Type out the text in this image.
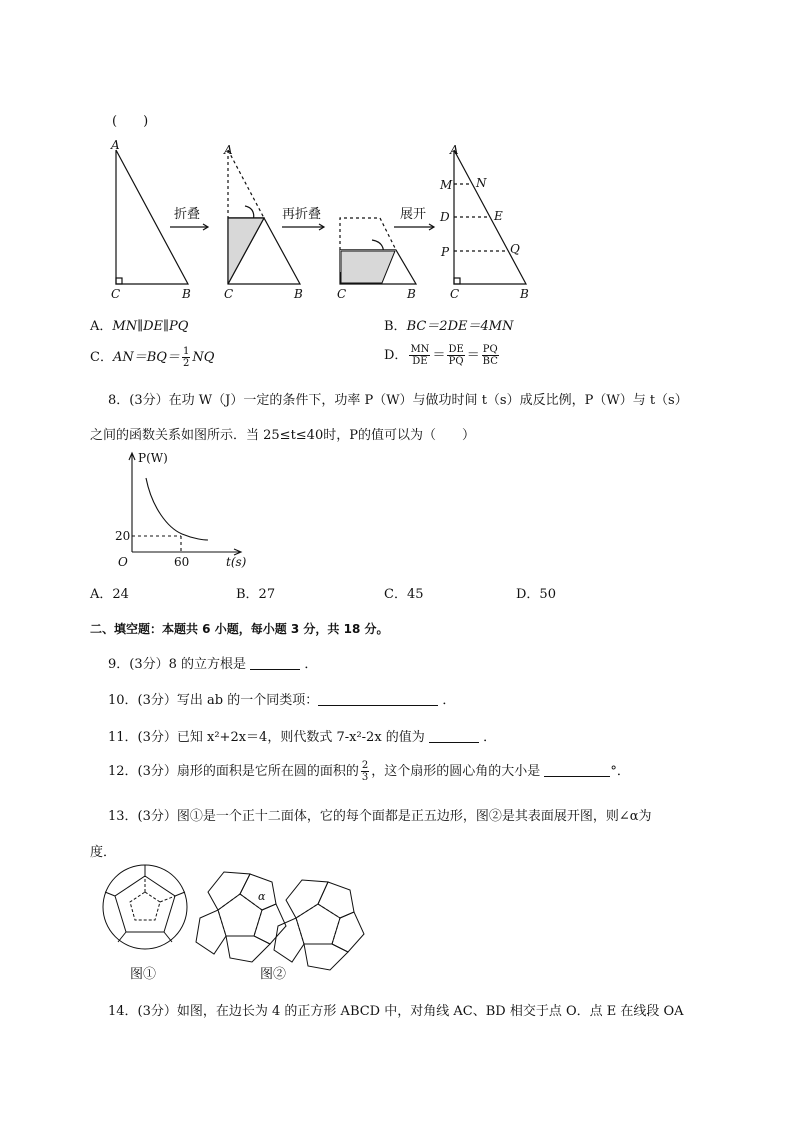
(　　)
A
C	B
A
C	B	C	B
A
M N
D	E
P	Q
C	B
折叠	再折叠	展开
A．MN∥DE∥PQ	B．BC＝2DE＝4MN
C．$AN=BQ= \frac{1}{2}$ NQ	D． $\frac{MN}{DE} = \frac{DE}{PQ} = \frac{PQ}{BC}$
8．(3分）在功 W（J）一定的条件下，功率 P（W）与做功时间 t（s）成反比例，P（W）与 t（s）
之间的函数关系如图所示．当 25≤t≤40时，P的值可以为（　　）
P(W)
t(s)
O
20
60
A．24	B．27	C．45	D．50
二、填空题：本题共 6 小题，每小题 3 分，共 18 分。
9．(3分）8 的立方根是	．
10．(3分）写出 ab 的一个同类项：	．
11．(3分）已知 x²+2x＝4，则代数式 7-x²-2x 的值为	．
12．(3分）扇形的面积是它所在圆的面积的 $\frac{2}{3}$ ，这个扇形的圆心角的大小是	°．
13．(3分）图①是一个正十二面体，它的每个面都是正五边形，图②是其表面展开图，则∠α为
度．
α
图①	图②
14．(3分）如图，在边长为 4 的正方形 ABCD 中，对角线 AC、BD 相交于点 O．点 E 在线段 OA
